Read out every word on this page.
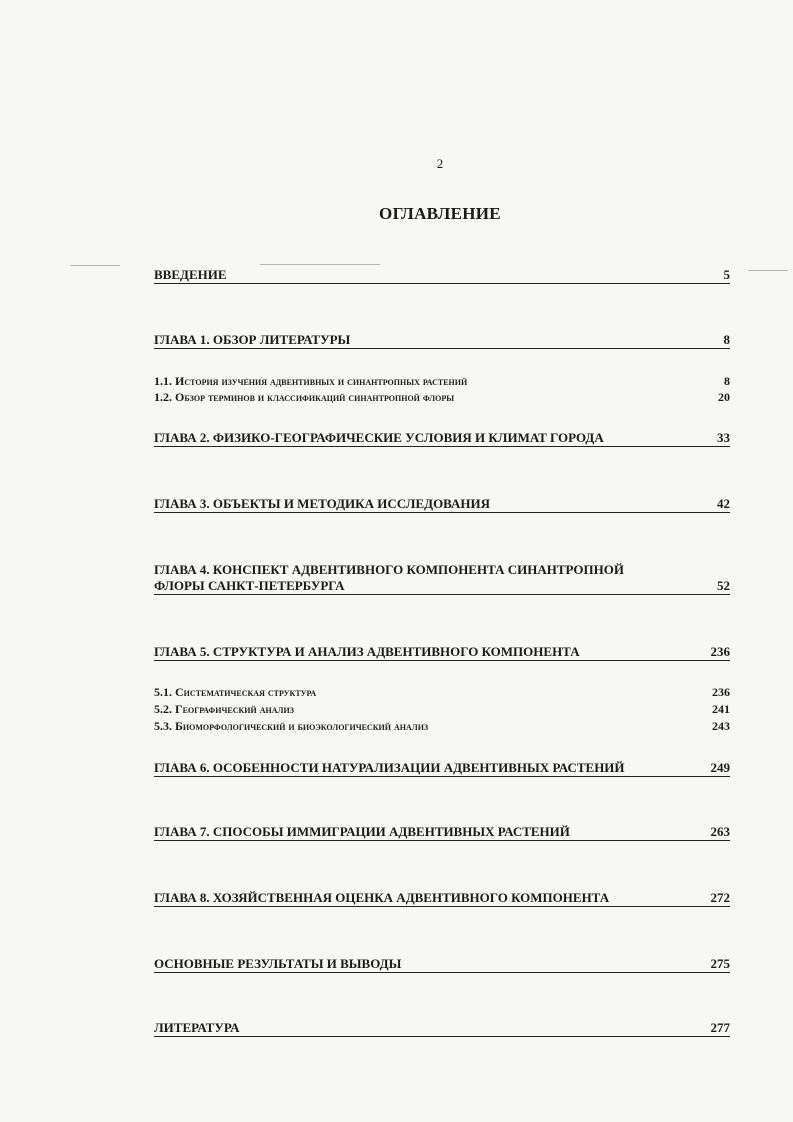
2
ОГЛАВЛЕНИЕ
ВВЕДЕНИЕ	5
ГЛАВА 1. ОБЗОР ЛИТЕРАТУРЫ	8
1.1. История изучения адвентивных и синантропных растений	8
1.2. Обзор терминов и классификаций синантропной флоры	20
ГЛАВА 2. ФИЗИКО-ГЕОГРАФИЧЕСКИЕ УСЛОВИЯ И КЛИМАТ ГОРОДА	33
ГЛАВА 3. ОБЪЕКТЫ И МЕТОДИКА ИССЛЕДОВАНИЯ	42
ГЛАВА 4. КОНСПЕКТ АДВЕНТИВНОГО КОМПОНЕНТА СИНАНТРОПНОЙ
ФЛОРЫ САНКТ-ПЕТЕРБУРГА	52
ГЛАВА 5. СТРУКТУРА И АНАЛИЗ АДВЕНТИВНОГО КОМПОНЕНТА	236
5.1. Систематическая структура	236
5.2. Географический анализ	241
5.3. Биоморфологический и биоэкологический анализ	243
ГЛАВА 6. ОСОБЕННОСТИ НАТУРАЛИЗАЦИИ АДВЕНТИВНЫХ РАСТЕНИЙ	249
ГЛАВА 7. СПОСОБЫ ИММИГРАЦИИ АДВЕНТИВНЫХ РАСТЕНИЙ	263
ГЛАВА 8. ХОЗЯЙСТВЕННАЯ ОЦЕНКА АДВЕНТИВНОГО КОМПОНЕНТА	272
ОСНОВНЫЕ РЕЗУЛЬТАТЫ И ВЫВОДЫ	275
ЛИТЕРАТУРА	277
